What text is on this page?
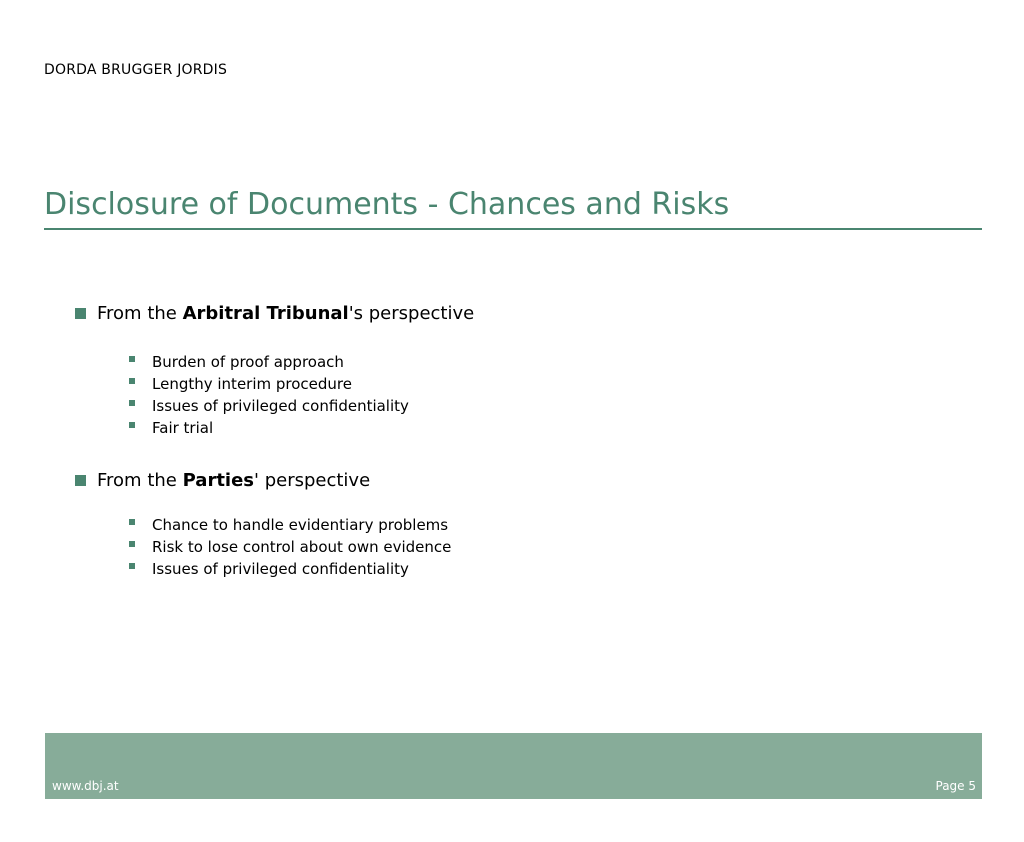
DORDA BRUGGER JORDIS
Disclosure of Documents - Chances and Risks
From the Arbitral Tribunal 's perspective
Burden of proof approach
Lengthy interim procedure
Issues of privileged confidentiality
Fair trial
From the Parties ' perspective
Chance to handle evidentiary problems
Risk to lose control about own evidence
Issues of privileged confidentiality
www.dbj.at	Page 5
